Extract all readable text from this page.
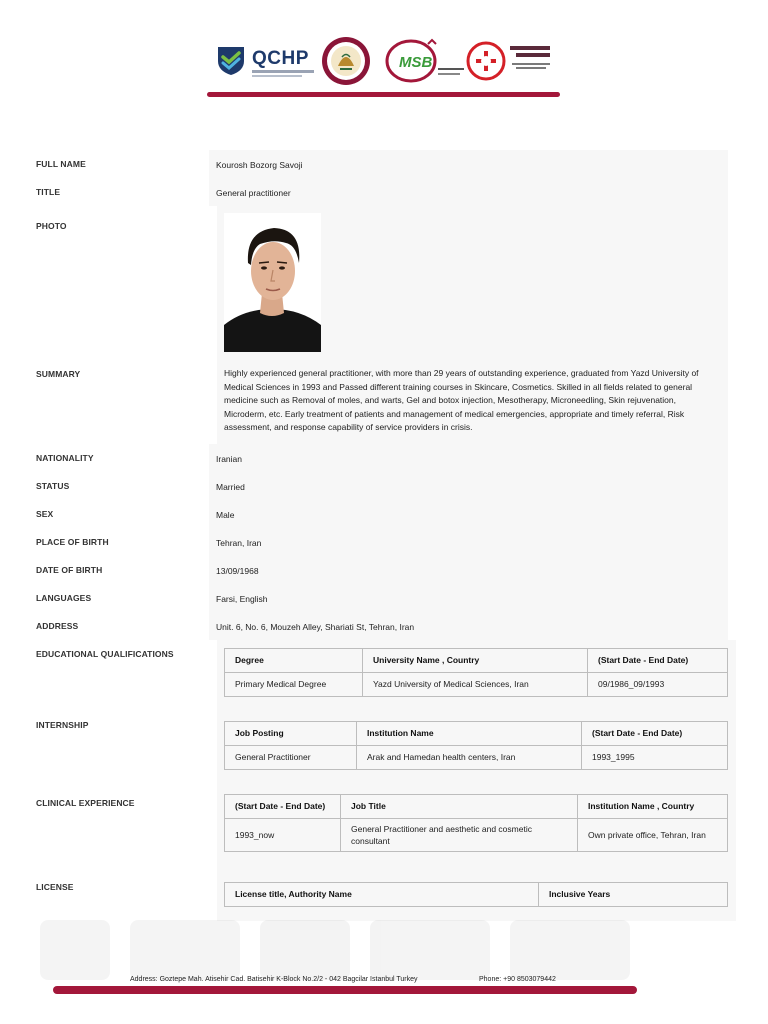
QCHP	MSB
FULL NAME	Kourosh Bozorg Savoji
TITLE	General practitioner
PHOTO
SUMMARY	Highly experienced general practitioner, with more than 29 years of outstanding experience, graduated from Yazd University of Medical Sciences in 1993 and Passed different training courses in Skincare, Cosmetics. Skilled in all fields related to general medicine such as Removal of moles, and warts, Gel and botox injection, Mesotherapy, Microneedling, Skin rejuvenation, Microderm, etc. Early treatment of patients and management of medical emergencies, appropriate and timely referral, Risk assessment, and response capability of service providers in crisis.
NATIONALITY	Iranian
STATUS	Married
SEX	Male
PLACE OF BIRTH	Tehran, Iran
DATE OF BIRTH	13/09/1968
LANGUAGES	Farsi, English
ADDRESS	Unit. 6, No. 6, Mouzeh Alley, Shariati St, Tehran, Iran
EDUCATIONAL QUALIFICATIONS
Degree	University Name , Country	(Start Date - End Date)
Primary Medical Degree	Yazd University of Medical Sciences, Iran	09/1986_09/1993
INTERNSHIP
Job Posting	Institution Name	(Start Date - End Date)
General Practitioner	Arak and Hamedan health centers, Iran	1993_1995
CLINICAL EXPERIENCE	(Start Date - End Date)	Job Title	Institution Name , Country
1993_now	General Practitioner and aesthetic and cosmetic consultant	Own private office, Tehran, Iran
LICENSE
License title, Authority Name	Inclusive Years
Address: Goztepe Mah. Atisehir Cad. Batisehir K-Block No.2/2 - 042 Bagcilar Istanbul Turkey	Phone: +90 8503079442
